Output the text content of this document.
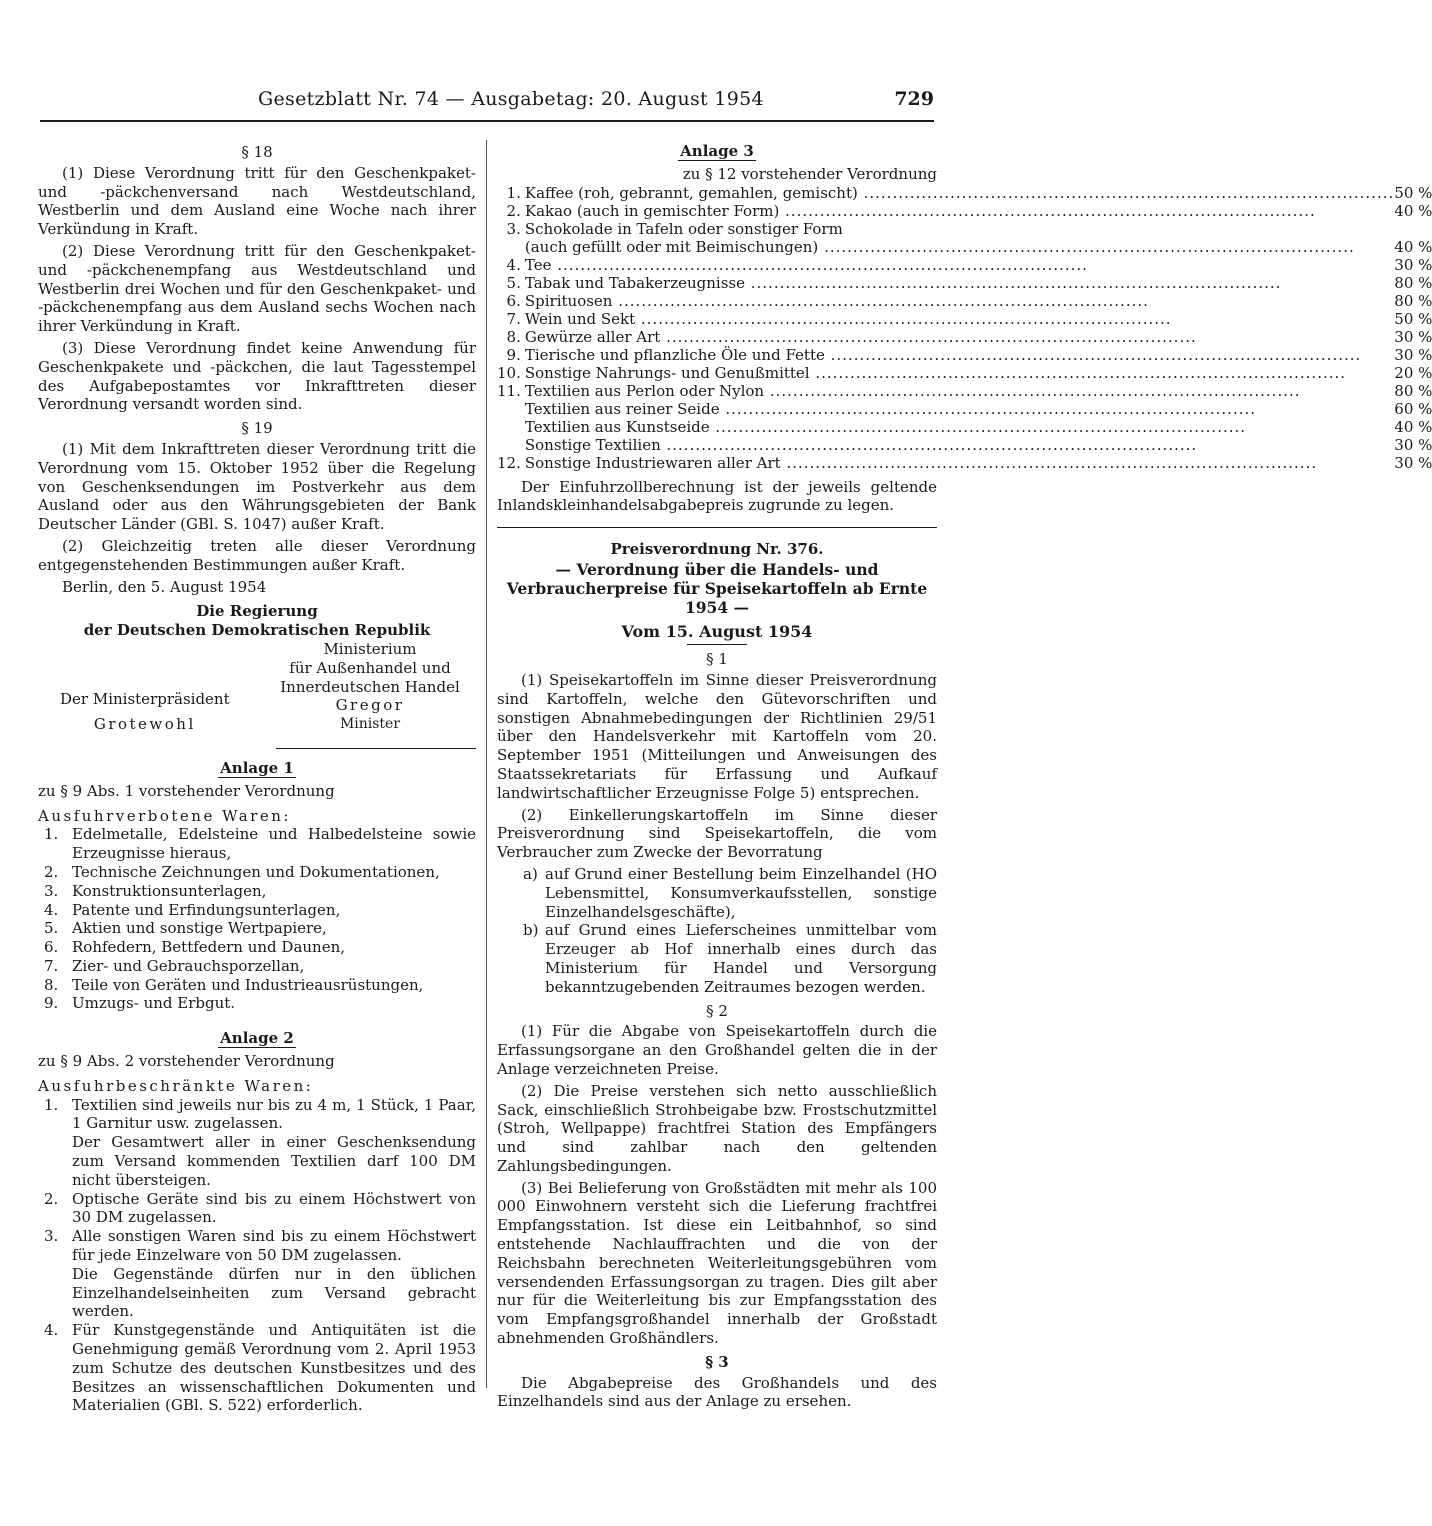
Gesetzblatt Nr. 74 — Ausgabetag: 20. August 1954	729
§ 18
(1) Diese Verordnung tritt für den Geschenkpaket- und -päckchenversand nach Westdeutschland, Westberlin und dem Ausland eine Woche nach ihrer Verkündung in Kraft.
(2) Diese Verordnung tritt für den Geschenkpaket- und -päckchenempfang aus Westdeutschland und Westberlin drei Wochen und für den Geschenkpaket- und -päckchenempfang aus dem Ausland sechs Wochen nach ihrer Verkündung in Kraft.
(3) Diese Verordnung findet keine Anwendung für Geschenkpakete und -päckchen, die laut Tagesstempel des Aufgabepostamtes vor Inkrafttreten dieser Verordnung versandt worden sind.
§ 19
(1) Mit dem Inkrafttreten dieser Verordnung tritt die Verordnung vom 15. Oktober 1952 über die Regelung von Geschenksendungen im Postverkehr aus dem Ausland oder aus den Währungsgebieten der Bank Deutscher Länder (GBl. S. 1047) außer Kraft.
(2) Gleichzeitig treten alle dieser Verordnung entgegenstehenden Bestimmungen außer Kraft.
Berlin, den 5. August 1954
Die Regierung
der Deutschen Demokratischen Republik
Der Ministerpräsident
Grotewohl
Ministerium
für Außenhandel und
Innerdeutschen Handel
Gregor
Minister
Anlage 1
zu § 9 Abs. 1 vorstehender Verordnung
Ausfuhrverbotene Waren:
1. Edelmetalle, Edelsteine und Halbedelsteine sowie Erzeugnisse hieraus,
2. Technische Zeichnungen und Dokumentationen,
3. Konstruktionsunterlagen,
4. Patente und Erfindungsunterlagen,
5. Aktien und sonstige Wertpapiere,
6. Rohfedern, Bettfedern und Daunen,
7. Zier- und Gebrauchsporzellan,
8. Teile von Geräten und Industrieausrüstungen,
9. Umzugs- und Erbgut.
Anlage 2
zu § 9 Abs. 2 vorstehender Verordnung
Ausfuhrbeschränkte Waren:
1. Textilien sind jeweils nur bis zu 4 m, 1 Stück, 1 Paar, 1 Garnitur usw. zugelassen.
Der Gesamtwert aller in einer Geschenksendung zum Versand kommenden Textilien darf 100 DM nicht übersteigen.
2. Optische Geräte sind bis zu einem Höchstwert von 30 DM zugelassen.
3. Alle sonstigen Waren sind bis zu einem Höchstwert für jede Einzelware von 50 DM zugelassen.
Die Gegenstände dürfen nur in den üblichen Einzelhandelseinheiten zum Versand gebracht werden.
4. Für Kunstgegenstände und Antiquitäten ist die Genehmigung gemäß Verordnung vom 2. April 1953 zum Schutze des deutschen Kunstbesitzes und des Besitzes an wissenschaftlichen Dokumenten und Materialien (GBl. S. 522) erforderlich.
Anlage 3
zu § 12 vorstehender Verordnung
1.	Kaffee (roh, gebrannt, gemahlen, gemischt) .....	50 %
2.	Kakao (auch in gemischter Form) .....	40 %
3.	Schokolade in Tafeln oder sonstiger Form	
	(auch gefüllt oder mit Beimischungen) .....	40 %
4.	Tee .....	30 %
5.	Tabak und Tabakerzeugnisse .....	80 %
6.	Spirituosen .....	80 %
7.	Wein und Sekt .....	50 %
8.	Gewürze aller Art .....	30 %
9.	Tierische und pflanzliche Öle und Fette .....	30 %
10.	Sonstige Nahrungs- und Genußmittel .....	20 %
11.	Textilien aus Perlon oder Nylon .....	80 %
	Textilien aus reiner Seide .....	60 %
	Textilien aus Kunstseide .....	40 %
	Sonstige Textilien .....	30 %
12.	Sonstige Industriewaren aller Art .....	30 %
Der Einfuhrzollberechnung ist der jeweils geltende Inlandskleinhandelsabgabepreis zugrunde zu legen.
Preisverordnung Nr. 376.
— Verordnung über die Handels- und Verbraucherpreise für Speisekartoffeln ab Ernte 1954 —
Vom 15. August 1954
§ 1
(1) Speisekartoffeln im Sinne dieser Preisverordnung sind Kartoffeln, welche den Gütevorschriften und sonstigen Abnahmebedingungen der Richtlinien 29/51 über den Handelsverkehr mit Kartoffeln vom 20. September 1951 (Mitteilungen und Anweisungen des Staatssekretariats für Erfassung und Aufkauf landwirtschaftlicher Erzeugnisse Folge 5) entsprechen.
(2) Einkellerungskartoffeln im Sinne dieser Preisverordnung sind Speisekartoffeln, die vom Verbraucher zum Zwecke der Bevorratung
a) auf Grund einer Bestellung beim Einzelhandel (HO Lebensmittel, Konsumverkaufsstellen, sonstige Einzelhandelsgeschäfte),
b) auf Grund eines Lieferscheines unmittelbar vom Erzeuger ab Hof innerhalb eines durch das Ministerium für Handel und Versorgung bekanntzugebenden Zeitraumes bezogen werden.
§ 2
(1) Für die Abgabe von Speisekartoffeln durch die Erfassungsorgane an den Großhandel gelten die in der Anlage verzeichneten Preise.
(2) Die Preise verstehen sich netto ausschließlich Sack, einschließlich Strohbeigabe bzw. Frostschutzmittel (Stroh, Wellpappe) frachtfrei Station des Empfängers und sind zahlbar nach den geltenden Zahlungsbedingungen.
(3) Bei Belieferung von Großstädten mit mehr als 100 000 Einwohnern versteht sich die Lieferung frachtfrei Empfangsstation. Ist diese ein Leitbahnhof, so sind entstehende Nachlauffrachten und die von der Reichsbahn berechneten Weiterleitungsgebühren vom versendenden Erfassungsorgan zu tragen. Dies gilt aber nur für die Weiterleitung bis zur Empfangsstation des vom Empfangsgroßhandel innerhalb der Großstadt abnehmenden Großhändlers.
§ 3
Die Abgabepreise des Großhandels und des Einzelhandels sind aus der Anlage zu ersehen.
